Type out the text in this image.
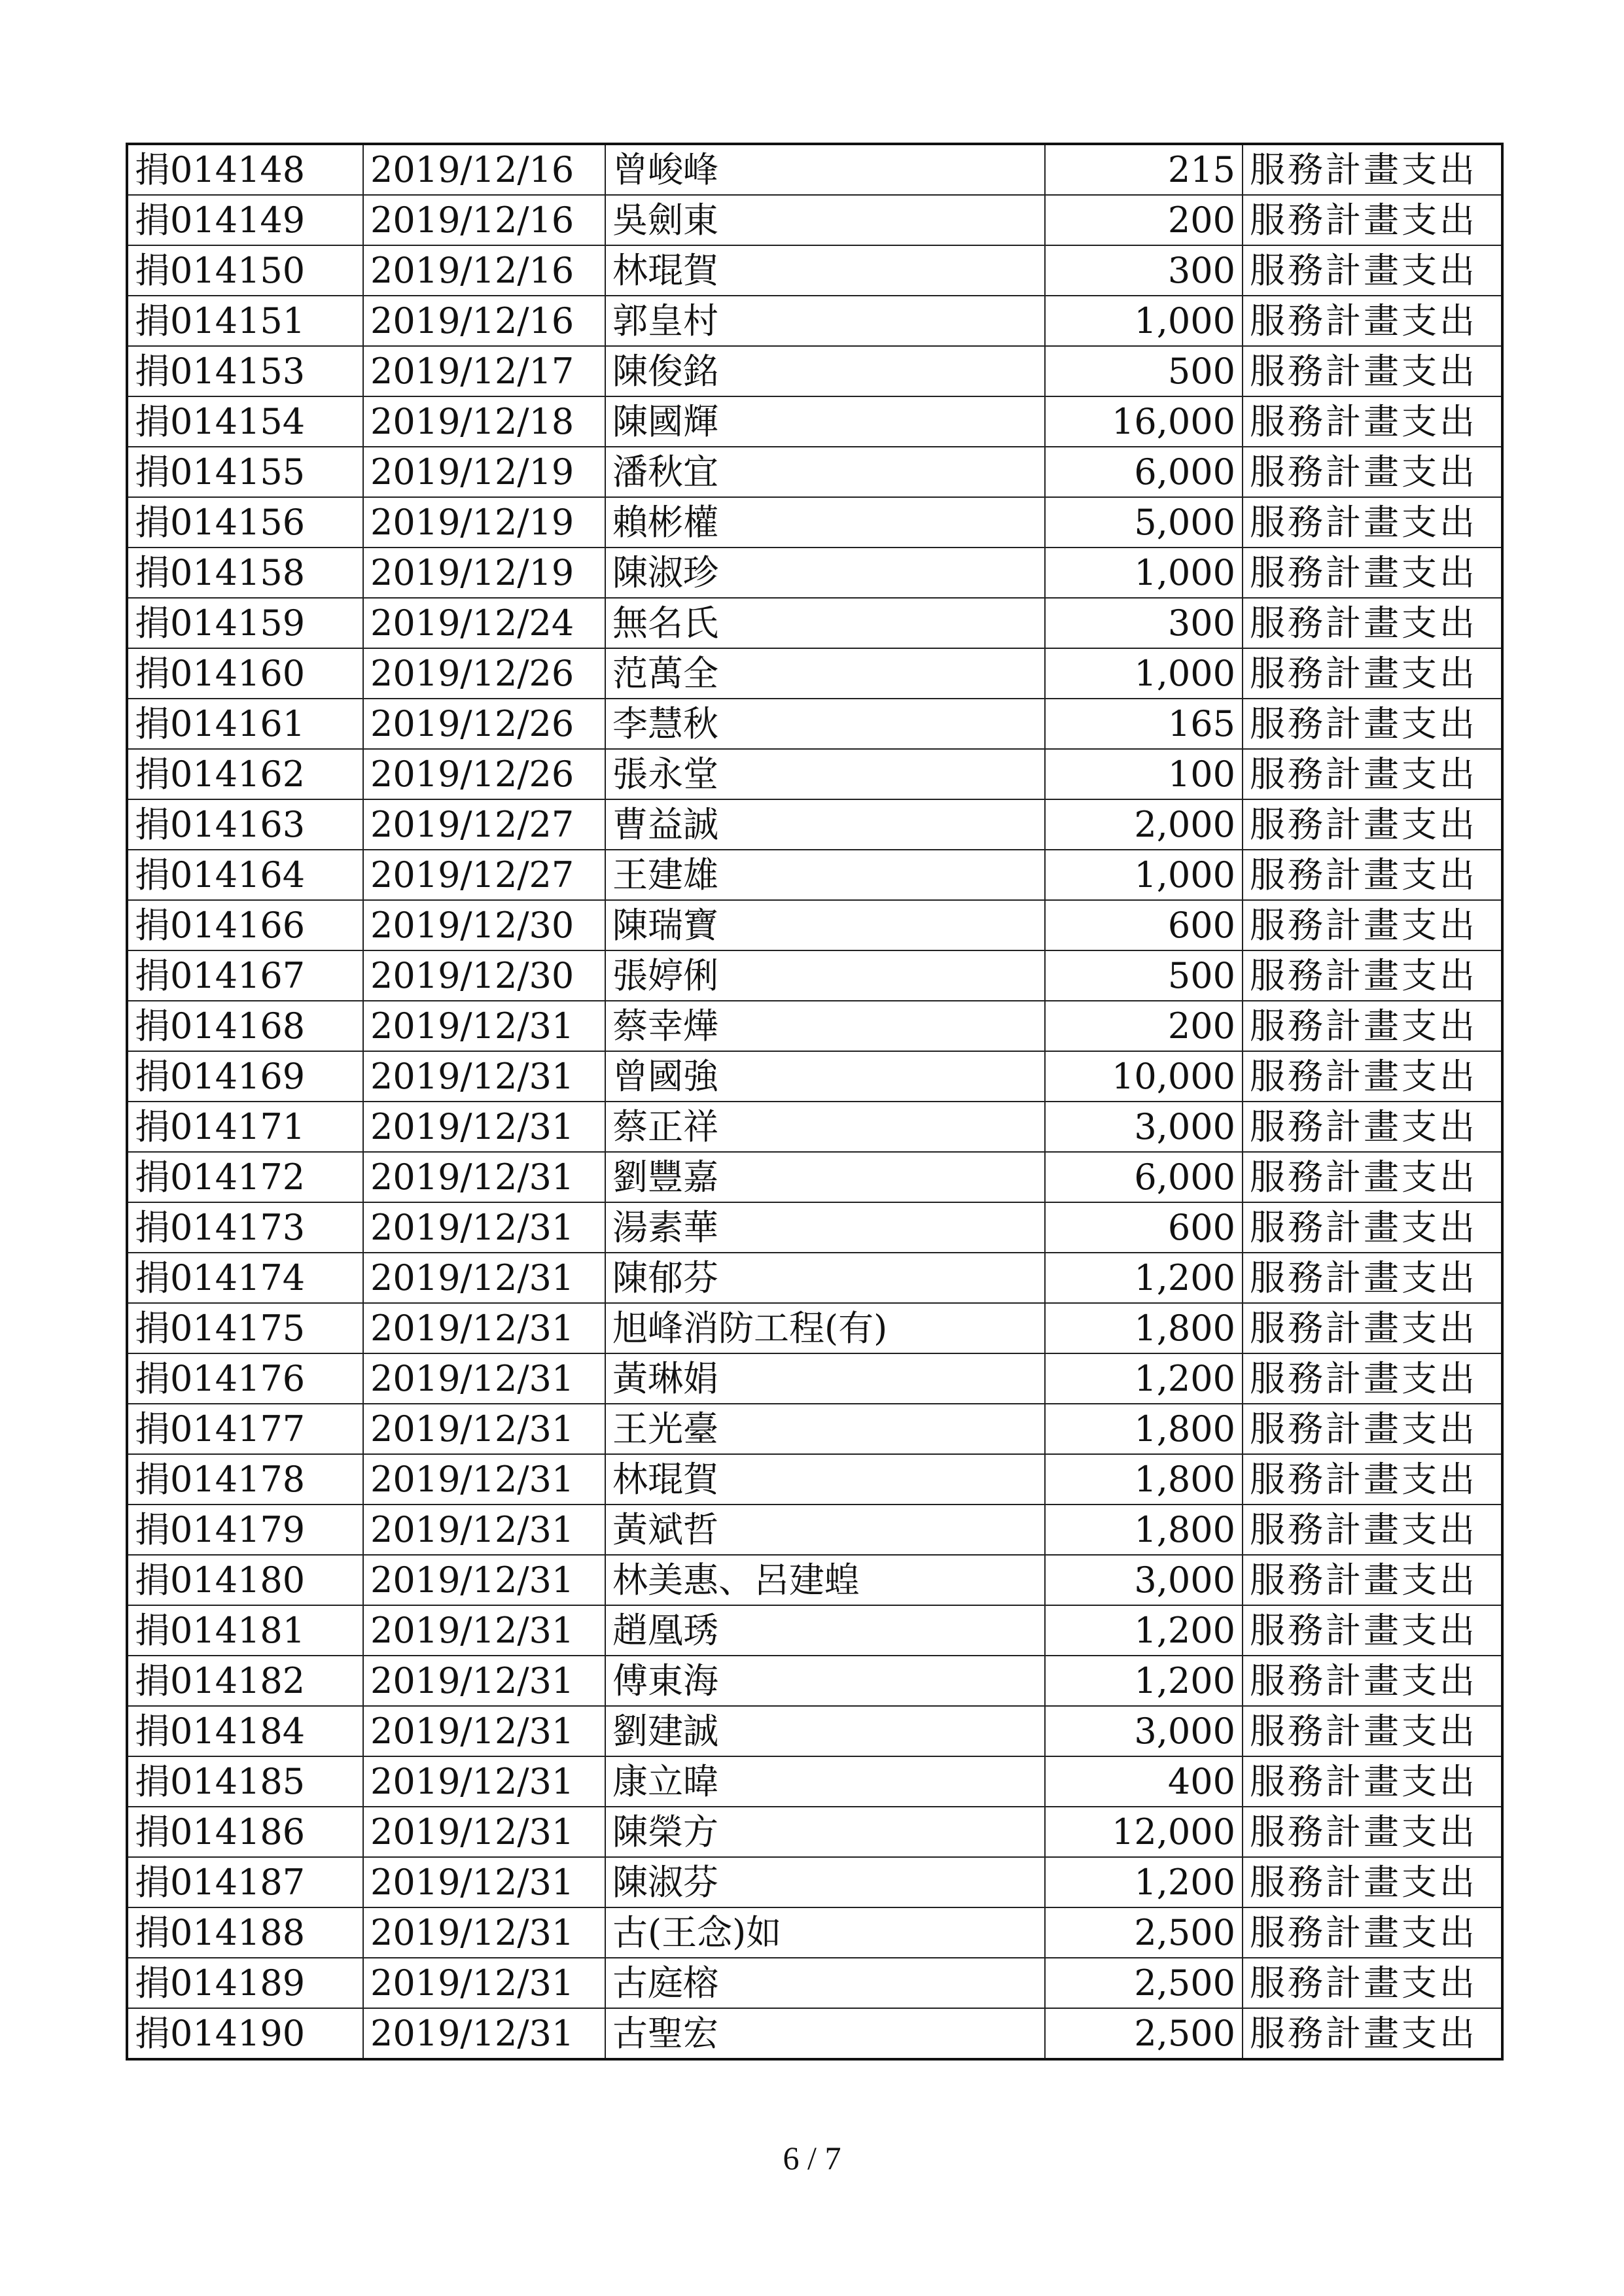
捐014148	2019/12/16	曾峻峰	215	服務計畫支出
捐014149	2019/12/16	吳劍東	200	服務計畫支出
捐014150	2019/12/16	林琨賀	300	服務計畫支出
捐014151	2019/12/16	郭皇村	1,000	服務計畫支出
捐014153	2019/12/17	陳俊銘	500	服務計畫支出
捐014154	2019/12/18	陳國輝	16,000	服務計畫支出
捐014155	2019/12/19	潘秋宜	6,000	服務計畫支出
捐014156	2019/12/19	賴彬權	5,000	服務計畫支出
捐014158	2019/12/19	陳淑珍	1,000	服務計畫支出
捐014159	2019/12/24	無名氏	300	服務計畫支出
捐014160	2019/12/26	范萬全	1,000	服務計畫支出
捐014161	2019/12/26	李慧秋	165	服務計畫支出
捐014162	2019/12/26	張永堂	100	服務計畫支出
捐014163	2019/12/27	曹益誠	2,000	服務計畫支出
捐014164	2019/12/27	王建雄	1,000	服務計畫支出
捐014166	2019/12/30	陳瑞寶	600	服務計畫支出
捐014167	2019/12/30	張婷俐	500	服務計畫支出
捐014168	2019/12/31	蔡幸燁	200	服務計畫支出
捐014169	2019/12/31	曾國強	10,000	服務計畫支出
捐014171	2019/12/31	蔡正祥	3,000	服務計畫支出
捐014172	2019/12/31	劉豐嘉	6,000	服務計畫支出
捐014173	2019/12/31	湯素華	600	服務計畫支出
捐014174	2019/12/31	陳郁芬	1,200	服務計畫支出
捐014175	2019/12/31	旭峰消防工程(有)	1,800	服務計畫支出
捐014176	2019/12/31	黃琳娟	1,200	服務計畫支出
捐014177	2019/12/31	王光臺	1,800	服務計畫支出
捐014178	2019/12/31	林琨賀	1,800	服務計畫支出
捐014179	2019/12/31	黃斌哲	1,800	服務計畫支出
捐014180	2019/12/31	林美惠、呂建蝗	3,000	服務計畫支出
捐014181	2019/12/31	趙凰琇	1,200	服務計畫支出
捐014182	2019/12/31	傅東海	1,200	服務計畫支出
捐014184	2019/12/31	劉建誠	3,000	服務計畫支出
捐014185	2019/12/31	康立暐	400	服務計畫支出
捐014186	2019/12/31	陳榮方	12,000	服務計畫支出
捐014187	2019/12/31	陳淑芬	1,200	服務計畫支出
捐014188	2019/12/31	古(王念)如	2,500	服務計畫支出
捐014189	2019/12/31	古庭榕	2,500	服務計畫支出
捐014190	2019/12/31	古聖宏	2,500	服務計畫支出
6 / 7
